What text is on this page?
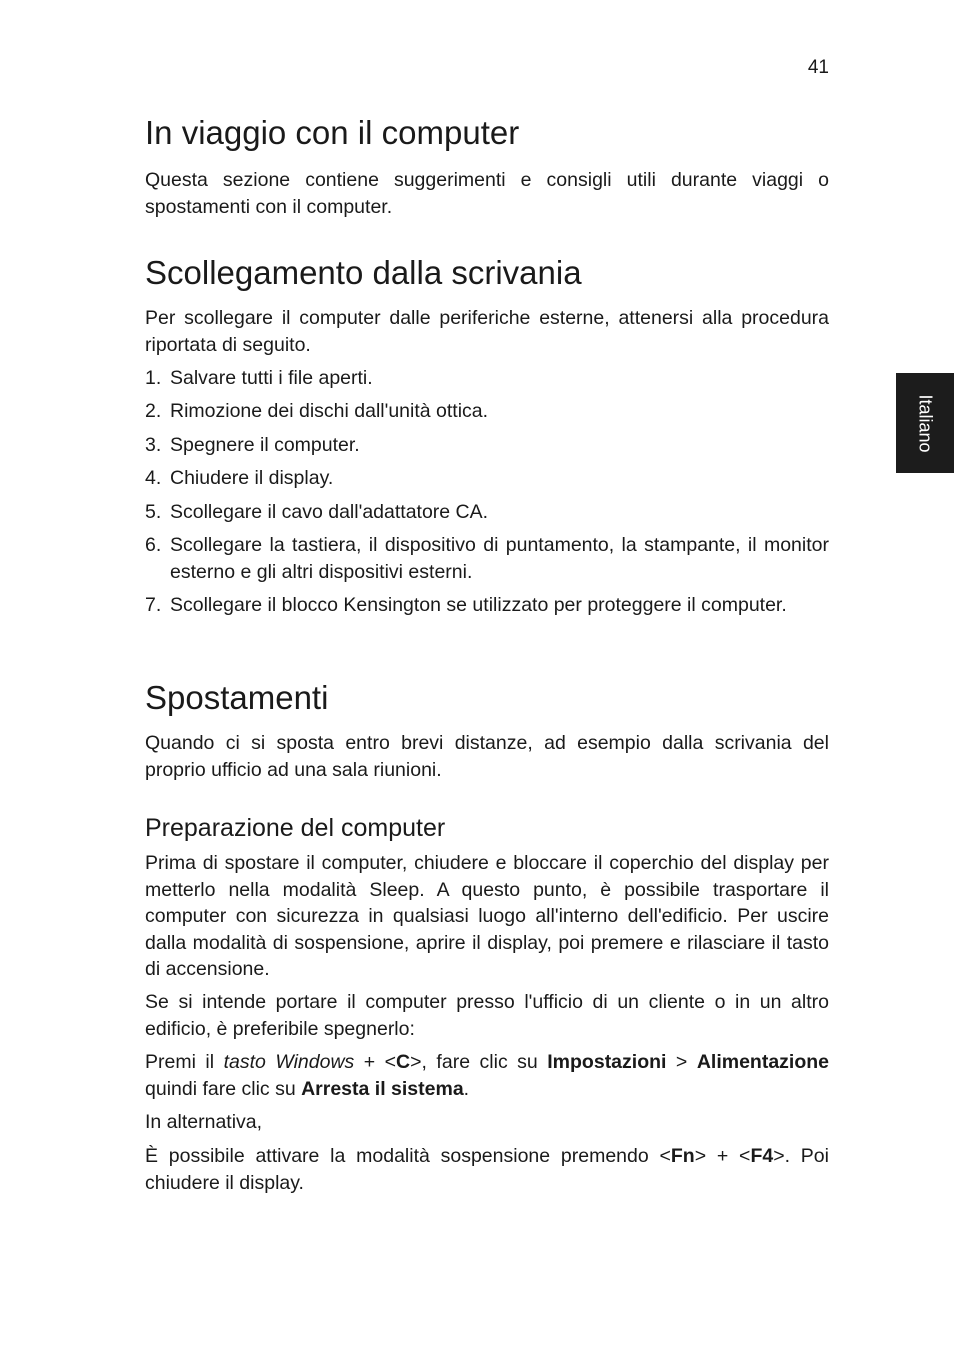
41
Italiano
In viaggio con il computer

Questa sezione contiene suggerimenti e consigli utili durante viaggi o spostamenti con il computer.

Scollegamento dalla scrivania

Per scollegare il computer dalle periferiche esterne, attenersi alla procedura riportata di seguito.

1. Salvare tutti i file aperti.
2. Rimozione dei dischi dall'unità ottica.
3. Spegnere il computer.
4. Chiudere il display.
5. Scollegare il cavo dall'adattatore CA.
6. Scollegare la tastiera, il dispositivo di puntamento, la stampante, il monitor esterno e gli altri dispositivi esterni.
7. Scollegare il blocco Kensington se utilizzato per proteggere il computer.
Spostamenti

Quando ci si sposta entro brevi distanze, ad esempio dalla scrivania del proprio ufficio ad una sala riunioni.

Preparazione del computer

Prima di spostare il computer, chiudere e bloccare il coperchio del display per metterlo nella modalità Sleep. A questo punto, è possibile trasportare il computer con sicurezza in qualsiasi luogo all'interno dell'edificio. Per uscire dalla modalità di sospensione, aprire il display, poi premere e rilasciare il tasto di accensione.

Se si intende portare il computer presso l'ufficio di un cliente o in un altro edificio, è preferibile spegnerlo:

Premi il tasto Windows + <C>, fare clic su Impostazioni > Alimentazione quindi fare clic su Arresta il sistema.

In alternativa,

È possibile attivare la modalità sospensione premendo <Fn> + <F4>. Poi chiudere il display.
